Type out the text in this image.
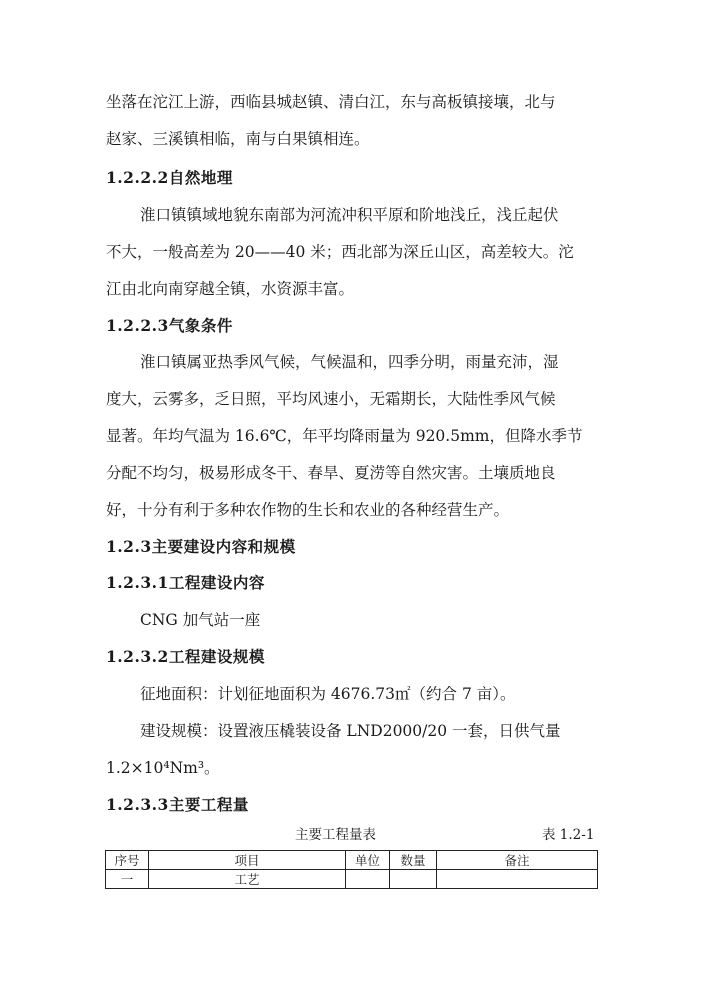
坐落在沱江上游，西临县城赵镇、清白江，东与高板镇接壤，北与
赵家、三溪镇相临，南与白果镇相连。
1.2.2.2自然地理
淮口镇镇域地貌东南部为河流冲积平原和阶地浅丘，浅丘起伏
不大，一般高差为 20——40 米；西北部为深丘山区，高差较大。沱
江由北向南穿越全镇，水资源丰富。
1.2.2.3气象条件
淮口镇属亚热季风气候，气候温和，四季分明，雨量充沛，湿
度大，云雾多，乏日照，平均风速小，无霜期长，大陆性季风气候
显著。年均气温为 16.6℃，年平均降雨量为 920.5mm，但降水季节
分配不均匀，极易形成冬干、春旱、夏涝等自然灾害。土壤质地良
好，十分有利于多种农作物的生长和农业的各种经营生产。
1.2.3主要建设内容和规模
1.2.3.1工程建设内容
CNG 加气站一座
1.2.3.2工程建设规模
征地面积：计划征地面积为 4676.73㎡（约合 7 亩）。
建设规模：设置液压橇装设备 LND2000/20 一套，日供气量
1.2×10⁴Nm³。
1.2.3.3主要工程量
主要工程量表	表 1.2-1
序号	项目	单位	数量	备注
一	工艺			
